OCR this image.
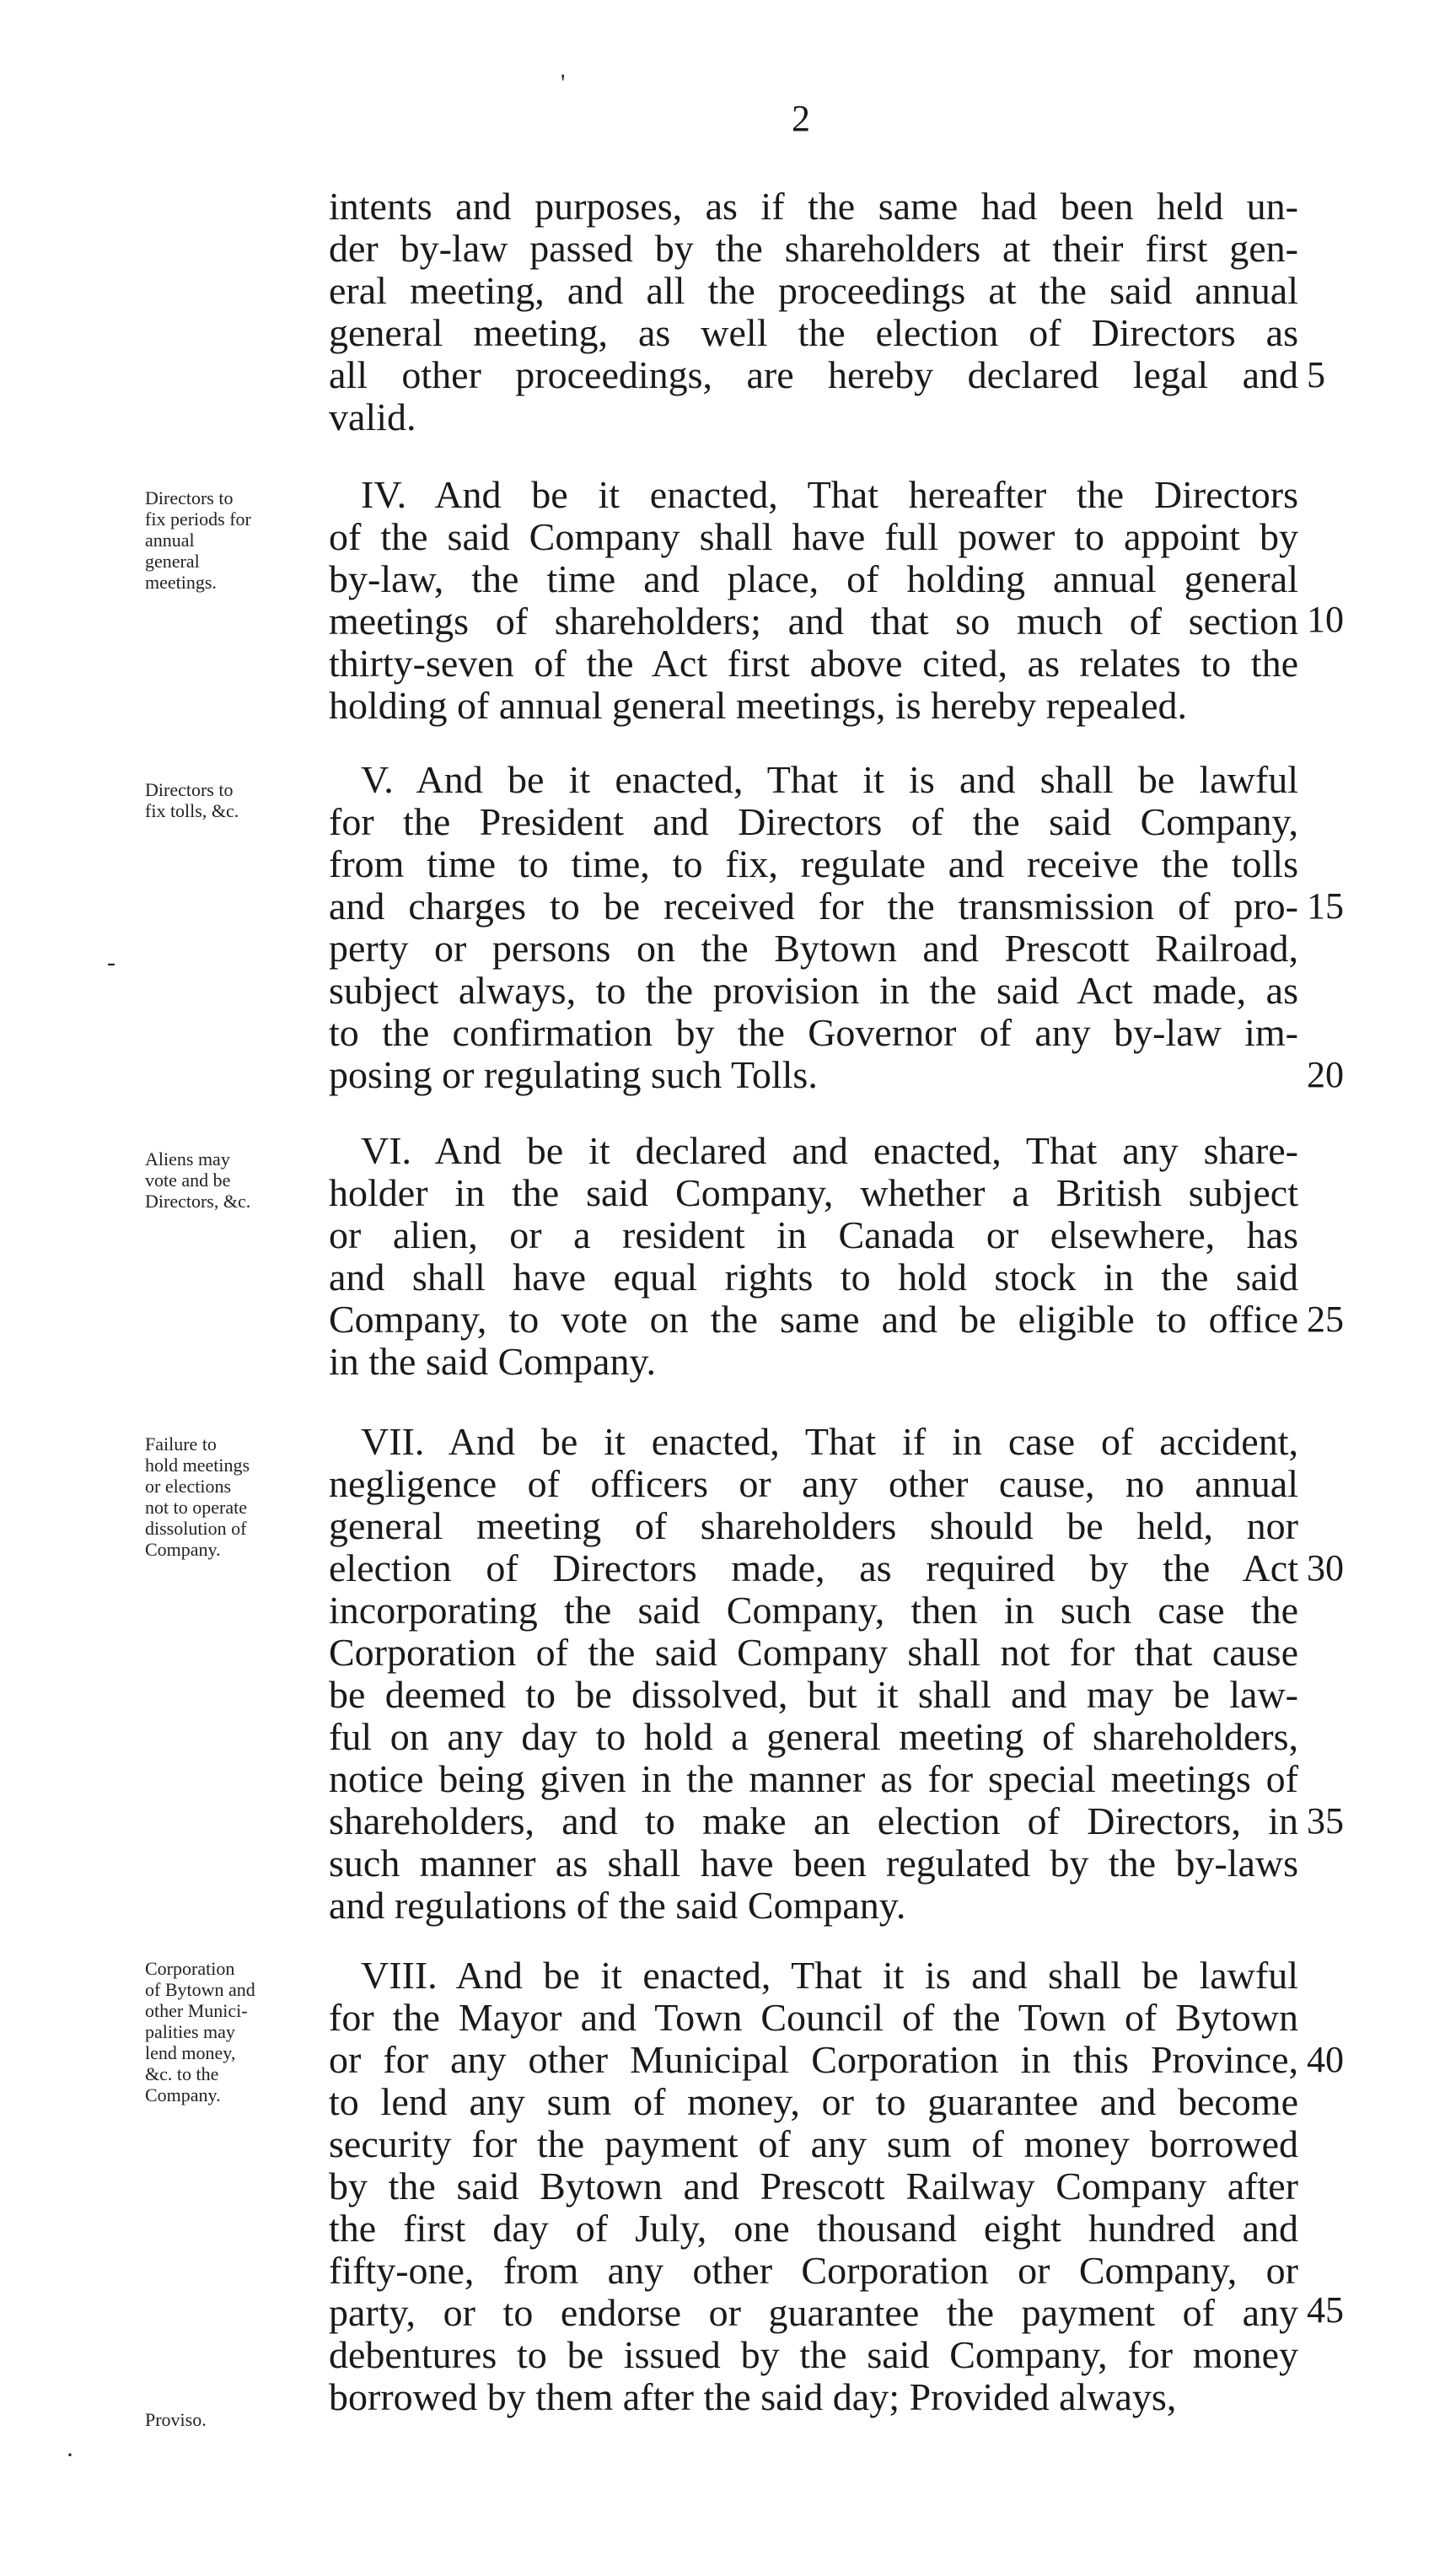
'
2
intents and purposes, as if the same had been held un-
der by-law passed by the shareholders at their first gen-
eral meeting, and all the proceedings at the said annual
general meeting, as well the election of Directors as
all other proceedings, are hereby declared legal and
valid.
IV. And be it enacted, That hereafter the Directors
of the said Company shall have full power to appoint by
by-law, the time and place, of holding annual general
meetings of shareholders; and that so much of section
thirty-seven of the Act first above cited, as relates to the
holding of annual general meetings, is hereby repealed.
V. And be it enacted, That it is and shall be lawful
for the President and Directors of the said Company,
from time to time, to fix, regulate and receive the tolls
and charges to be received for the transmission of pro-
perty or persons on the Bytown and Prescott Railroad,
subject always, to the provision in the said Act made, as
to the confirmation by the Governor of any by-law im-
posing or regulating such Tolls.
VI. And be it declared and enacted, That any share-
holder in the said Company, whether a British subject
or alien, or a resident in Canada or elsewhere, has
and shall have equal rights to hold stock in the said
Company, to vote on the same and be eligible to office
in the said Company.
VII. And be it enacted, That if in case of accident,
negligence of officers or any other cause, no annual
general meeting of shareholders should be held, nor
election of Directors made, as required by the Act
incorporating the said Company, then in such case the
Corporation of the said Company shall not for that cause
be deemed to be dissolved, but it shall and may be law-
ful on any day to hold a general meeting of shareholders,
notice being given in the manner as for special meetings of
shareholders, and to make an election of Directors, in
such manner as shall have been regulated by the by-laws
and regulations of the said Company.
VIII. And be it enacted, That it is and shall be lawful
for the Mayor and Town Council of the Town of Bytown
or for any other Municipal Corporation in this Province,
to lend any sum of money, or to guarantee and become
security for the payment of any sum of money borrowed
by the said Bytown and Prescott Railway Company after
the first day of July, one thousand eight hundred and
fifty-one, from any other Corporation or Company, or
party, or to endorse or guarantee the payment of any
debentures to be issued by the said Company, for money
borrowed by them after the said day; Provided always,
5
10
15
20
25
30
35
40
45
Directors to
fix periods for
annual
general
meetings.
Directors to
fix tolls, &c.
Aliens may
vote and be
Directors, &c.
Failure to
hold meetings
or elections
not to operate
dissolution of
Company.
Corporation
of Bytown and
other Munici-
palities may
lend money,
&c. to the
Company.
Proviso.
-
·
